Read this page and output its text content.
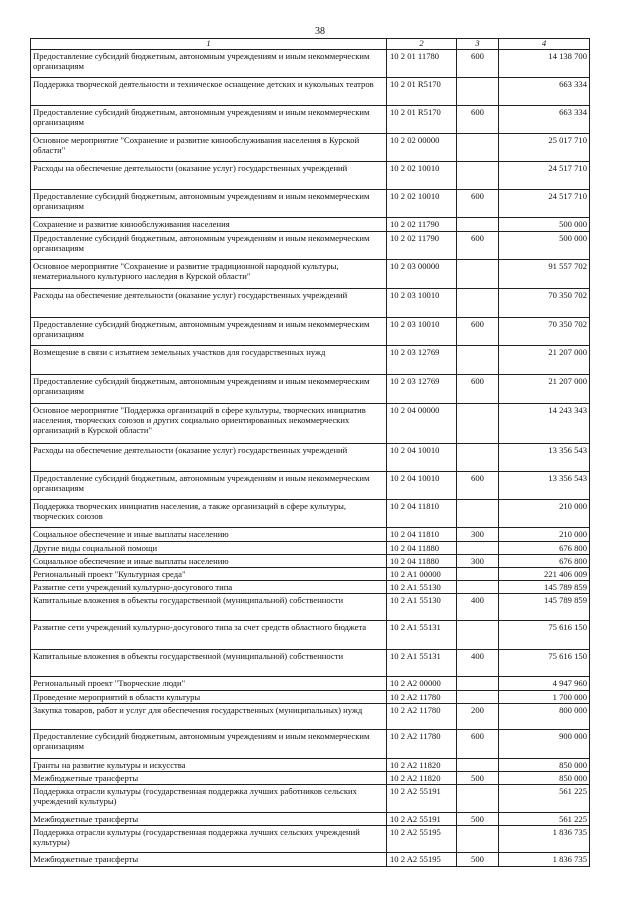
38
1	2	3	4
Предоставление субсидий бюджетным, автономным учреждениям и иным некоммерческим организациям	10 2 01 11780	600	14 138 700
Поддержка творческой деятельности и техническое оснащение детских и кукольных театров	10 2 01 R5170		663 334
Предоставление субсидий бюджетным, автономным учреждениям и иным некоммерческим организациям	10 2 01 R5170	600	663 334
Основное мероприятие "Сохранение и развитие кинообслуживания населения в Курской области"	10 2 02 00000		25 017 710
Расходы на обеспечение деятельности (оказание услуг) государственных учреждений	10 2 02 10010		24 517 710
Предоставление субсидий бюджетным, автономным учреждениям и иным некоммерческим организациям	10 2 02 10010	600	24 517 710
Сохранение и развитие кинообслуживания населения	10 2 02 11790		500 000
Предоставление субсидий бюджетным, автономным учреждениям и иным некоммерческим организациям	10 2 02 11790	600	500 000
Основное мероприятие "Сохранение и развитие традиционной народной культуры, нематериального культурного наследия в Курской области"	10 2 03 00000		91 557 702
Расходы на обеспечение деятельности (оказание услуг) государственных учреждений	10 2 03 10010		70 350 702
Предоставление субсидий бюджетным, автономным учреждениям и иным некоммерческим организациям	10 2 03 10010	600	70 350 702
Возмещение в связи с изъятием земельных участков для государственных нужд	10 2 03 12769		21 207 000
Предоставление субсидий бюджетным, автономным учреждениям и иным некоммерческим организациям	10 2 03 12769	600	21 207 000
Основное мероприятие "Поддержка организаций в сфере культуры, творческих инициатив населения, творческих союзов и других социально ориентированных некоммерческих организаций в Курской области"	10 2 04 00000		14 243 343
Расходы на обеспечение деятельности (оказание услуг) государственных учреждений	10 2 04 10010		13 356 543
Предоставление субсидий бюджетным, автономным учреждениям и иным некоммерческим организациям	10 2 04 10010	600	13 356 543
Поддержка творческих инициатив населения, а также организаций в сфере культуры, творческих союзов	10 2 04 11810		210 000
Социальное обеспечение и иные выплаты населению	10 2 04 11810	300	210 000
Другие виды социальной помощи	10 2 04 11880		676 800
Социальное обеспечение и иные выплаты населению	10 2 04 11880	300	676 800
Региональный проект "Культурная среда"	10 2 A1 00000		221 406 009
Развитие сети учреждений культурно-досугового типа	10 2 A1 55130		145 789 859
Капитальные вложения в объекты государственной (муниципальной) собственности	10 2 A1 55130	400	145 789 859
Развитие сети учреждений культурно-досугового типа за счет средств областного бюджета	10 2 A1 55131		75 616 150
Капитальные вложения в объекты государственной (муниципальной) собственности	10 2 A1 55131	400	75 616 150
Региональный проект "Творческие люди"	10 2 A2 00000		4 947 960
Проведение мероприятий в области культуры	10 2 A2 11780		1 700 000
Закупка товаров, работ и услуг для обеспечения государственных (муниципальных) нужд	10 2 A2 11780	200	800 000
Предоставление субсидий бюджетным, автономным учреждениям и иным некоммерческим организациям	10 2 A2 11780	600	900 000
Гранты на развитие культуры и искусства	10 2 A2 11820		850 000
Межбюджетные трансферты	10 2 A2 11820	500	850 000
Поддержка отрасли культуры (государственная поддержка лучших работников сельских учреждений культуры)	10 2 A2 55191		561 225
Межбюджетные трансферты	10 2 A2 55191	500	561 225
Поддержка отрасли культуры (государственная поддержка лучших сельских учреждений культуры)	10 2 A2 55195		1 836 735
Межбюджетные трансферты	10 2 A2 55195	500	1 836 735
